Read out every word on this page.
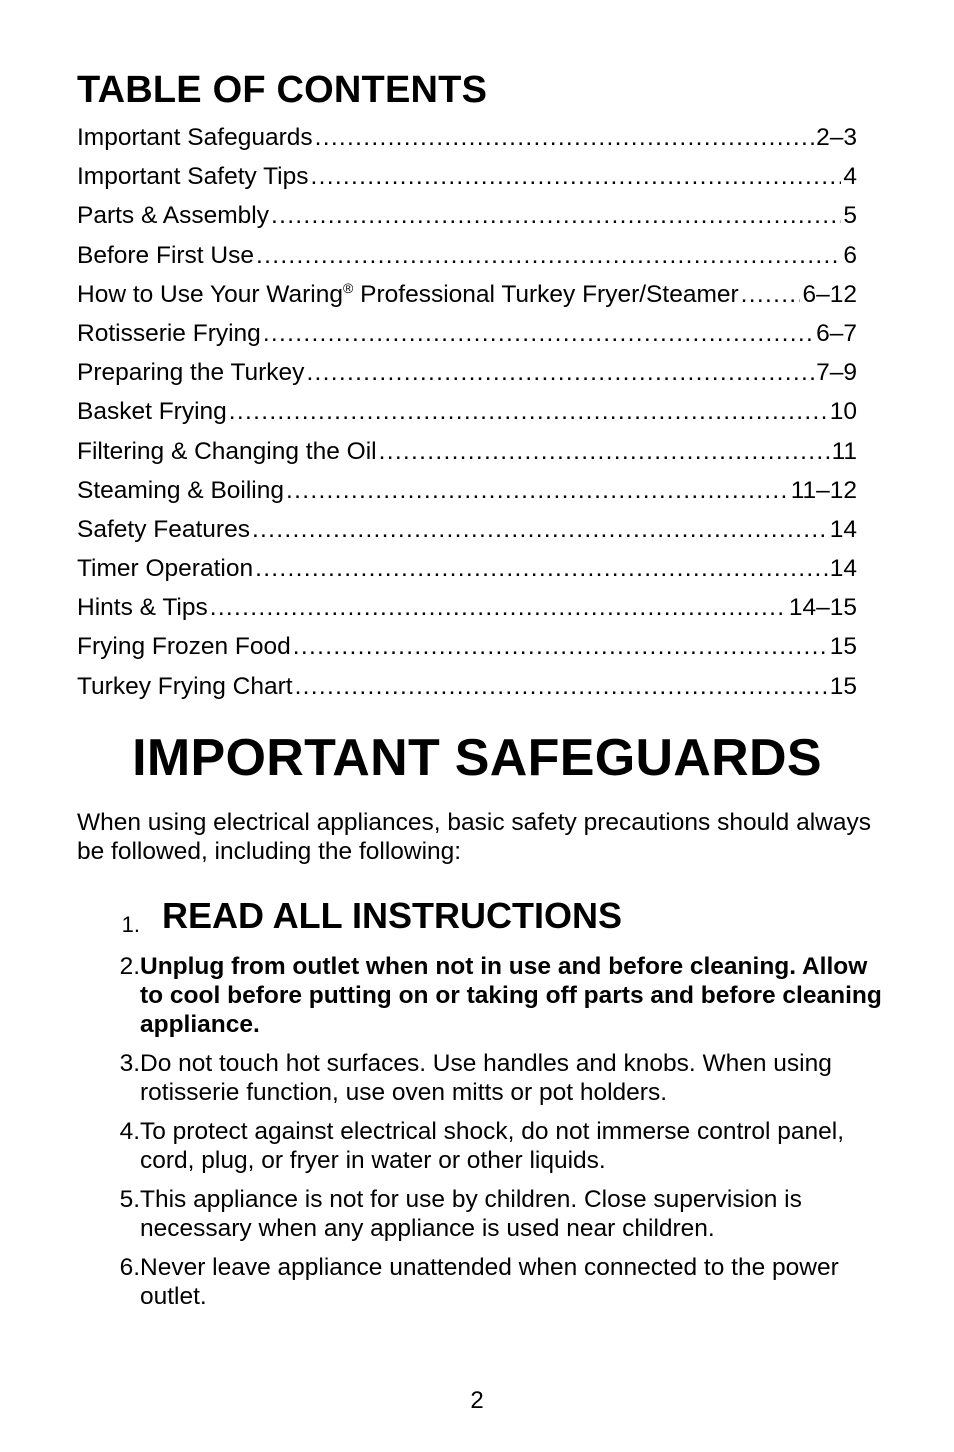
TABLE OF CONTENTS
Important Safeguards .....	2–3
Important Safety Tips .....	4
Parts & Assembly .....	5
Before First Use .....	6
How to Use Your Waring® Professional Turkey Fryer/Steamer .....	6–12
Rotisserie Frying .....	6–7
Preparing the Turkey .....	7–9
Basket Frying .....	10
Filtering & Changing the Oil .....	11
Steaming & Boiling .....	11–12
Safety Features .....	14
Timer Operation .....	14
Hints & Tips .....	14–15
Frying Frozen Food .....	15
Turkey Frying Chart .....	15
IMPORTANT SAFEGUARDS

When using electrical appliances, basic safety precautions should always be followed, including the following:

1. READ ALL INSTRUCTIONS
2. Unplug from outlet when not in use and before cleaning. Allow to cool before putting on or taking off parts and before cleaning appliance.
3. Do not touch hot surfaces. Use handles and knobs. When using rotisserie function, use oven mitts or pot holders.
4. To protect against electrical shock, do not immerse control panel, cord, plug, or fryer in water or other liquids.
5. This appliance is not for use by children. Close supervision is necessary when any appliance is used near children.
6. Never leave appliance unattended when connected to the power outlet.
2
